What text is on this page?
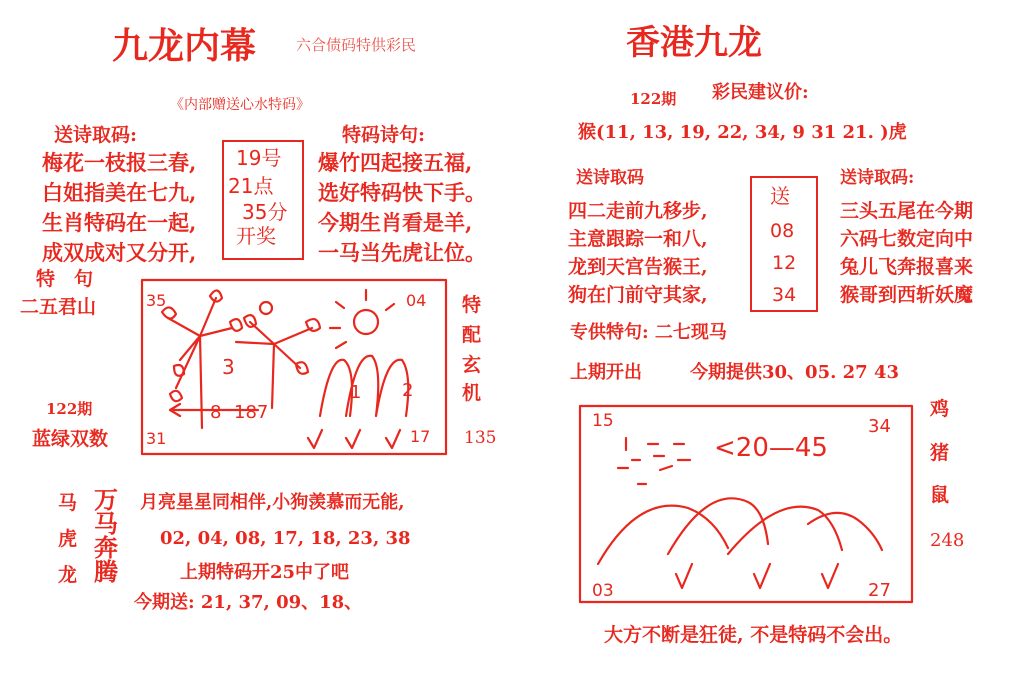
九龙内幕	六合债码特供彩民
《内部赠送心水特码》
送诗取码:
梅花一枝报三春,
白姐指美在七九,
生肖特码在一起,
成双成对又分开,
19号
21点
35分
开奖
特码诗句:
爆竹四起接五福,
选好特码快下手。
今期生肖看是羊,
一马当先虎让位。
特　句
二五君山
122期
蓝绿双数
特
配
玄
机
135
35	04
31	17
3
8 187
1 2
马
虎
龙
万
马
奔
腾
月亮星星同相伴,小狗羡慕而无能,
02, 04, 08, 17, 18, 23, 38
上期特码开25中了吧
今期送: 21, 37, 09、18、
香港九龙
122期 彩民建议价:
猴(11, 13, 19, 22, 34, 9 31 21. )虎
送诗取码
四二走前九移步,
主意跟踪一和八,
龙到天宫告猴王,
狗在门前守其家,
送
08
12
34
送诗取码:
三头五尾在今期
六码七数定向中
兔儿飞奔报喜来
猴哥到西斩妖魔
专供特句: 二七现马
上期开出	今期提供30、05. 27 43
15	34
03	27
<20—45
鸡
猪
鼠
248
大方不断是狂徒, 不是特码不会出。
